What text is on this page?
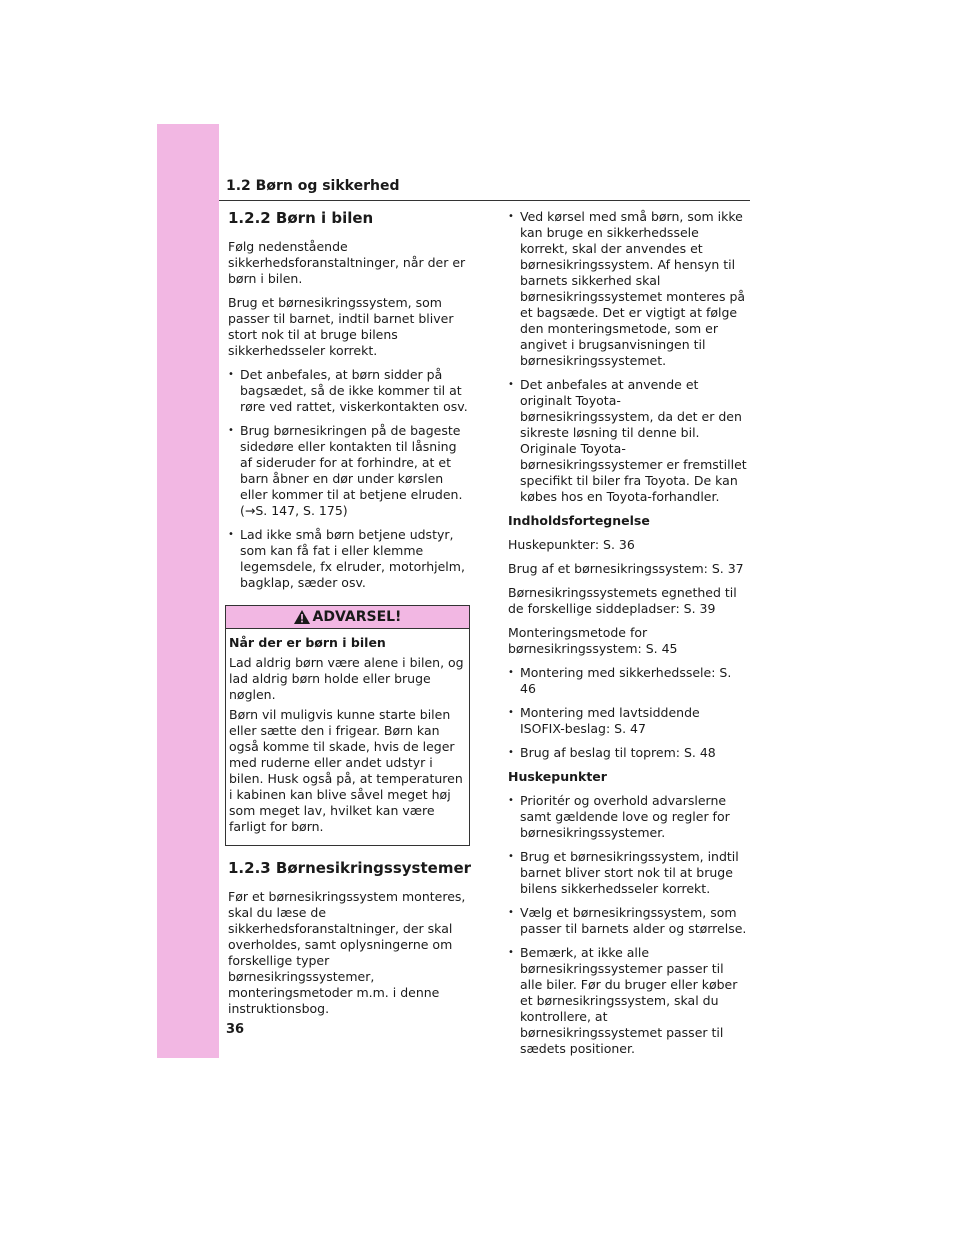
1.2 Børn og sikkerhed
1.2.2 Børn i bilen

Følg nedenstående sikkerhedsforanstaltninger, når der er børn i bilen.

Brug et børnesikringssystem, som passer til barnet, indtil barnet bliver stort nok til at bruge bilens sikkerhedsseler korrekt.

• Det anbefales, at børn sidder på bagsædet, så de ikke kommer til at røre ved rattet, viskerkontakten osv.
• Brug børnesikringen på de bageste sidedøre eller kontakten til låsning af sideruder for at forhindre, at et barn åbner en dør under kørslen eller kommer til at betjene elruden. (→S. 147, S. 175)
• Lad ikke små børn betjene udstyr, som kan få fat i eller klemme legemsdele, fx elruder, motorhjelm, bagklap, sæder osv.
ADVARSEL!

Når der er børn i bilen

Lad aldrig børn være alene i bilen, og lad aldrig børn holde eller bruge nøglen.

Børn vil muligvis kunne starte bilen eller sætte den i frigear. Børn kan også komme til skade, hvis de leger med ruderne eller andet udstyr i bilen. Husk også på, at temperaturen i kabinen kan blive såvel meget høj som meget lav, hvilket kan være farligt for børn.

1.2.3 Børnesikringssystemer

Før et børnesikringssystem monteres, skal du læse de sikkerhedsforanstaltninger, der skal overholdes, samt oplysningerne om forskellige typer børnesikringssystemer, monteringsmetoder m.m. i denne instruktionsbog.

• Ved kørsel med små børn, som ikke kan bruge en sikkerhedssele korrekt, skal der anvendes et børnesikringssystem. Af hensyn til barnets sikkerhed skal børnesikringssystemet monteres på et bagsæde. Det er vigtigt at følge den monteringsmetode, som er angivet i brugsanvisningen til børnesikringssystemet.
• Det anbefales at anvende et originalt Toyota-børnesikringssystem, da det er den sikreste løsning til denne bil. Originale Toyota-børnesikringssystemer er fremstillet specifikt til biler fra Toyota. De kan købes hos en Toyota-forhandler.

Indholdsfortegnelse

Huskepunkter: S. 36

Brug af et børnesikringssystem: S. 37

Børnesikringssystemets egnethed til de forskellige siddepladser: S. 39

Monteringsmetode for børnesikringssystem: S. 45

• Montering med sikkerhedssele: S. 46
• Montering med lavtsiddende ISOFIX-beslag: S. 47
• Brug af beslag til toprem: S. 48

Huskepunkter

• Prioritér og overhold advarslerne samt gældende love og regler for børnesikringssystemer.
• Brug et børnesikringssystem, indtil barnet bliver stort nok til at bruge bilens sikkerhedsseler korrekt.
• Vælg et børnesikringssystem, som passer til barnets alder og størrelse.
• Bemærk, at ikke alle børnesikringssystemer passer til alle biler. Før du bruger eller køber et børnesikringssystem, skal du kontrollere, at børnesikringssystemet passer til sædets positioner.
36
